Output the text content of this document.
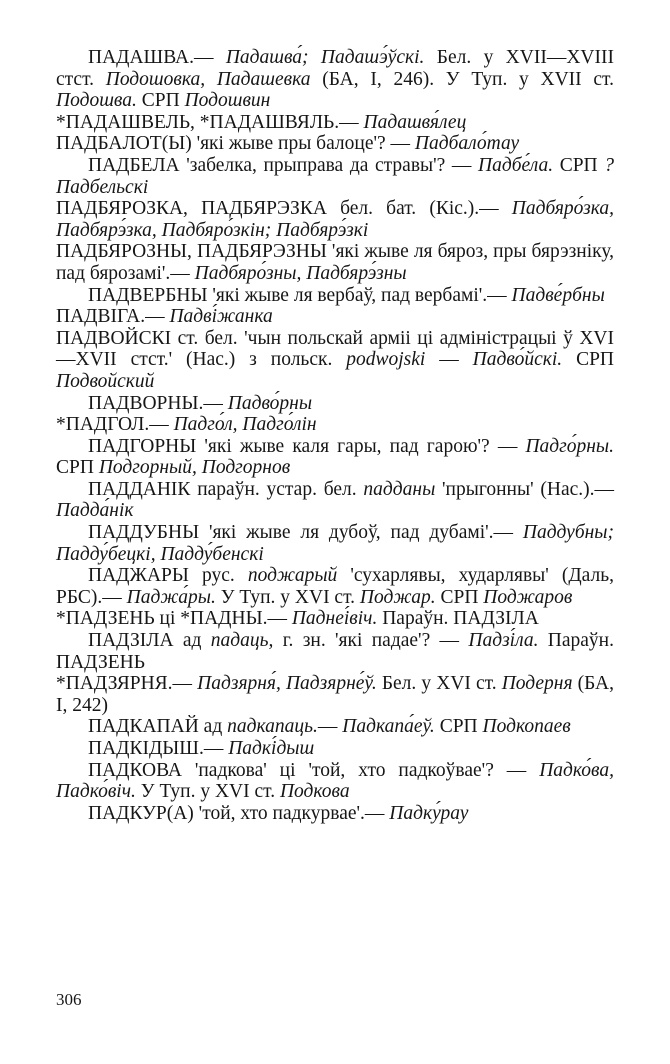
ПАДАШВА.— Падашва́; Падашэ́ўскі. Бел. у XVII—XVIII стст. Подошовка, Падашевка (БА, I, 246). У Туп. у XVII ст. Подошва. СРП Подошвин

*ПАДАШВЕЛЬ, *ПАДАШВЯЛЬ.— Падашвя́лец

ПАДБАЛОТ(Ы) 'які жыве пры балоце'? — Падбало́тау

ПАДБЕЛА 'забелка, прыправа да стравы'? — Падбе́ла. СРП ?Падбельскі

ПАДБЯРОЗКА, ПАДБЯРЭЗКА бел. бат. (Кіс.).— Падбяро́зка, Падбярэ́зка, Падбяро́зкін; Падбярэ́зкі

ПАДБЯРОЗНЫ, ПАДБЯРЭЗНЫ 'які жыве ля бяроз, пры бярэзніку, пад бярозамі'.— Падбяро́зны, Падбярэ́зны

ПАДВЕРБНЫ 'які жыве ля вербаў, пад вербамі'.— Падве́рбны

ПАДВІГА.— Падві́жанка

ПАДВОЙСКІ ст. бел. 'чын польскай арміі ці адміністрацыі ў XVI—XVII стст.' (Нас.) з польск. podwojski — Падво́йскі. СРП Подвойский

ПАДВОРНЫ.— Падво́рны

*ПАДГОЛ.— Падго́л, Падго́лін

ПАДГОРНЫ 'які жыве каля гары, пад гарою'? — Падго́рны. СРП Подгорный, Подгорнов

ПАДДАНІК параўн. устар. бел. падданы 'прыгонны' (Нас.).— Падда́нік

ПАДДУБНЫ 'які жыве ля дубоў, пад дубамі'.— Паддубны; Падду́бецкі, Падду́бенскі

ПАДЖАРЫ рус. поджарый 'сухарлявы, хударлявы' (Даль, РБС).— Паджа́ры. У Туп. у XVI ст. Поджар. СРП Поджаров

*ПАДЗЕНЬ ці *ПАДНЫ.— Паднеі́віч. Параўн. ПАДЗІЛА

ПАДЗІЛА ад падаць, г. зн. 'які падае'? — Падзі́ла. Параўн. ПАДЗЕНЬ

*ПАДЗЯРНЯ.— Падзярня́, Падзярне́ў. Бел. у XVI ст. Подерня (БА, I, 242)

ПАДКАПАЙ ад падкапаць.— Падкапа́еў. СРП Подкопаев

ПАДКІДЫШ.— Падкі́дыш

ПАДКОВА 'падкова' ці 'той, хто падкоўвае'? — Падко́ва, Падко́віч. У Туп. у XVI ст. Подкова

ПАДКУР(А) 'той, хто падкурвае'.— Падку́рау

306
